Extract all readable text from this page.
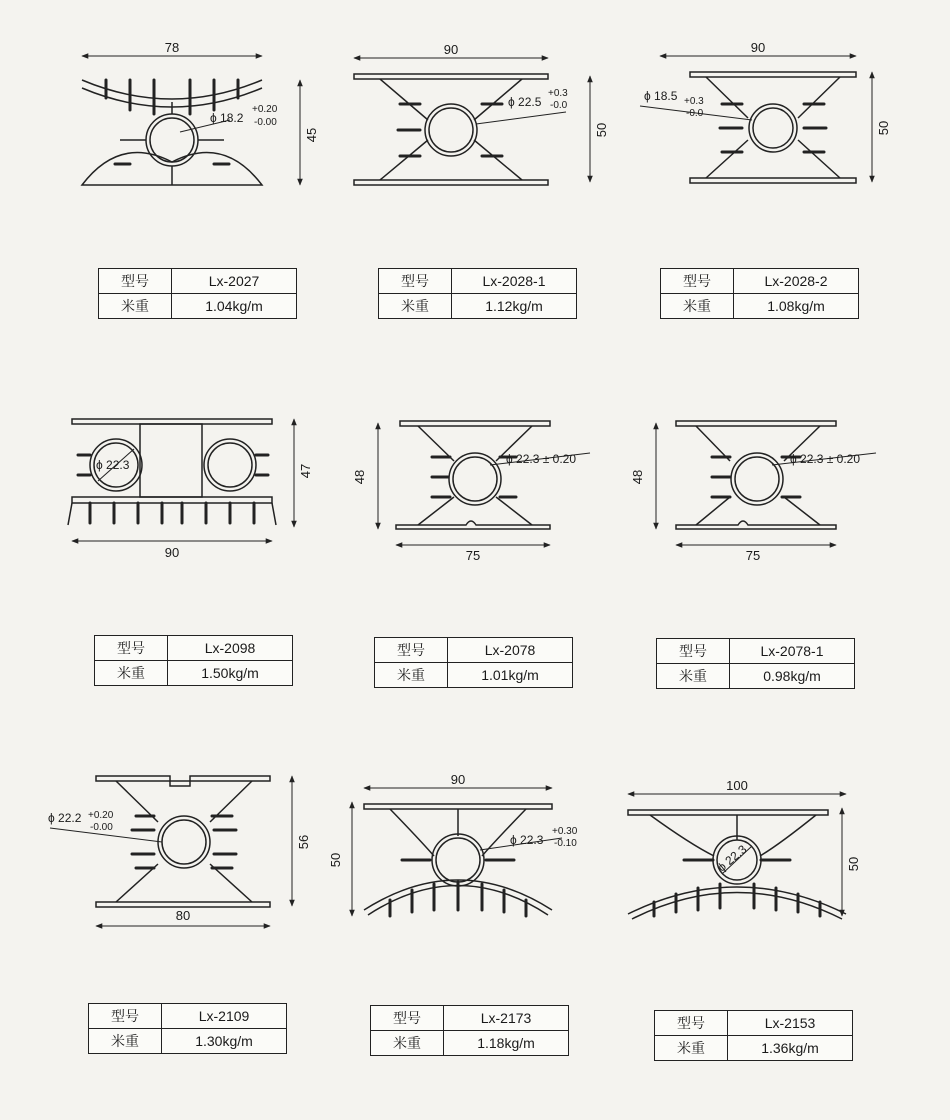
78
45
ϕ 18.2
+0.20
-0.00
型号	Lx-2027
米重	1.04kg/m
90
50
ϕ 22.5
+0.3
-0.0
型号	Lx-2028-1
米重	1.12kg/m
90
50
ϕ 18.5 +0.3
-0.0
型号	Lx-2028-2
米重	1.08kg/m
47
ϕ 22.3
90
型号	Lx-2098
米重	1.50kg/m
48
ϕ 22.3 ± 0.20
75
型号	Lx-2078
米重	1.01kg/m
48
ϕ 22.3 ± 0.20
75
型号	Lx-2078-1
米重	0.98kg/m
56
ϕ 22.2 +0.20
-0.00
80
型号	Lx-2109
米重	1.30kg/m
90
50
ϕ 22.3
+0.30
-0.10
型号	Lx-2173
米重	1.18kg/m
100
50
ϕ 22.3
型号	Lx-2153
米重	1.36kg/m
